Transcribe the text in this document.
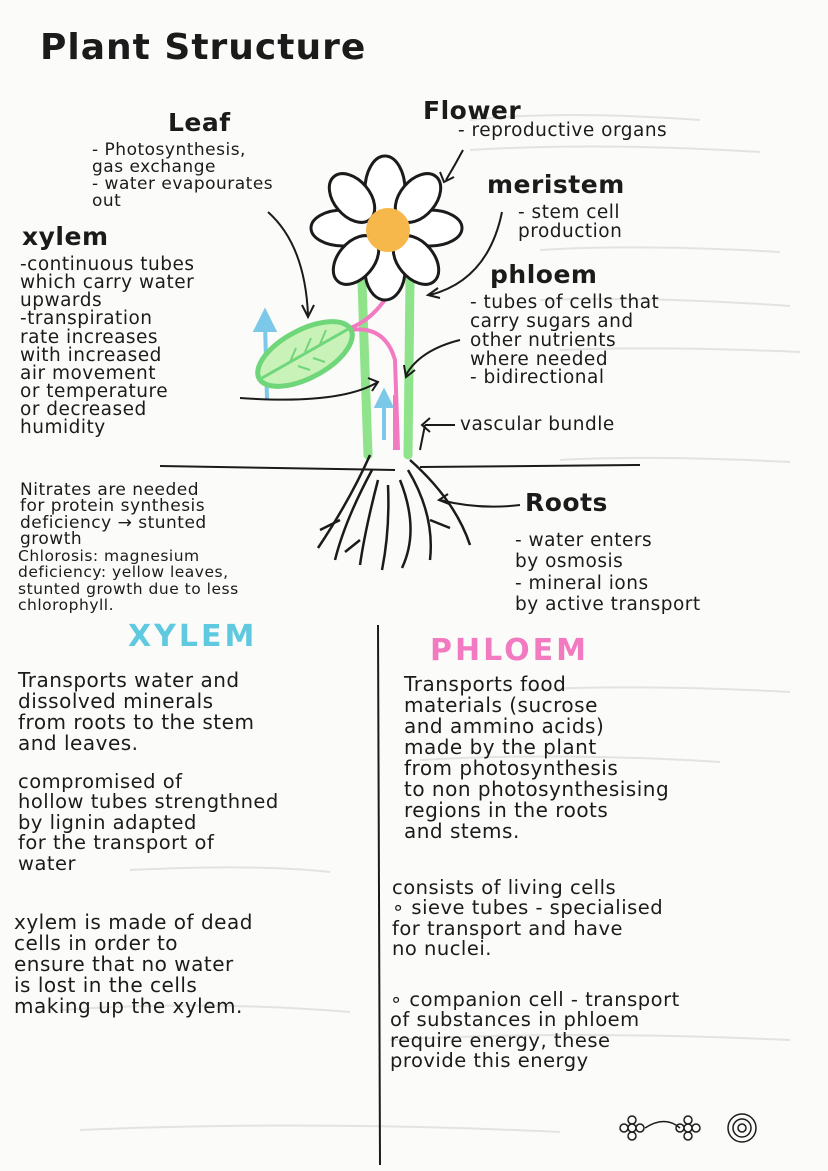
Plant Structure
Leaf
- Photosynthesis,
gas exchange
- water evapourates
out
Flower
- reproductive organs
meristem
- stem cell
production
xylem
-continuous tubes
which carry water
upwards
-transpiration
rate increases
with increased
air movement
or temperature
or decreased
humidity
phloem
- tubes of cells that
carry sugars and
other nutrients
where needed
- bidirectional
vascular bundle
Roots
- water enters
by osmosis
- mineral ions
by active transport
Nitrates are needed
for protein synthesis
deficiency → stunted
growth
Chlorosis: magnesium
deficiency: yellow leaves,
stunted growth due to less
chlorophyll.
XYLEM
Transports water and
dissolved minerals
from roots to the stem
and leaves.
compromised of
hollow tubes strengthned
by lignin adapted
for the transport of
water
xylem is made of dead
cells in order to
ensure that no water
is lost in the cells
making up the xylem.
PHLOEM
Transports food
materials (sucrose
and ammino acids)
made by the plant
from photosynthesis
to non photosynthesising
regions in the roots
and stems.
consists of living cells
∘ sieve tubes - specialised
for transport and have
no nuclei.
∘ companion cell - transport
of substances in phloem
require energy, these
provide this energy
